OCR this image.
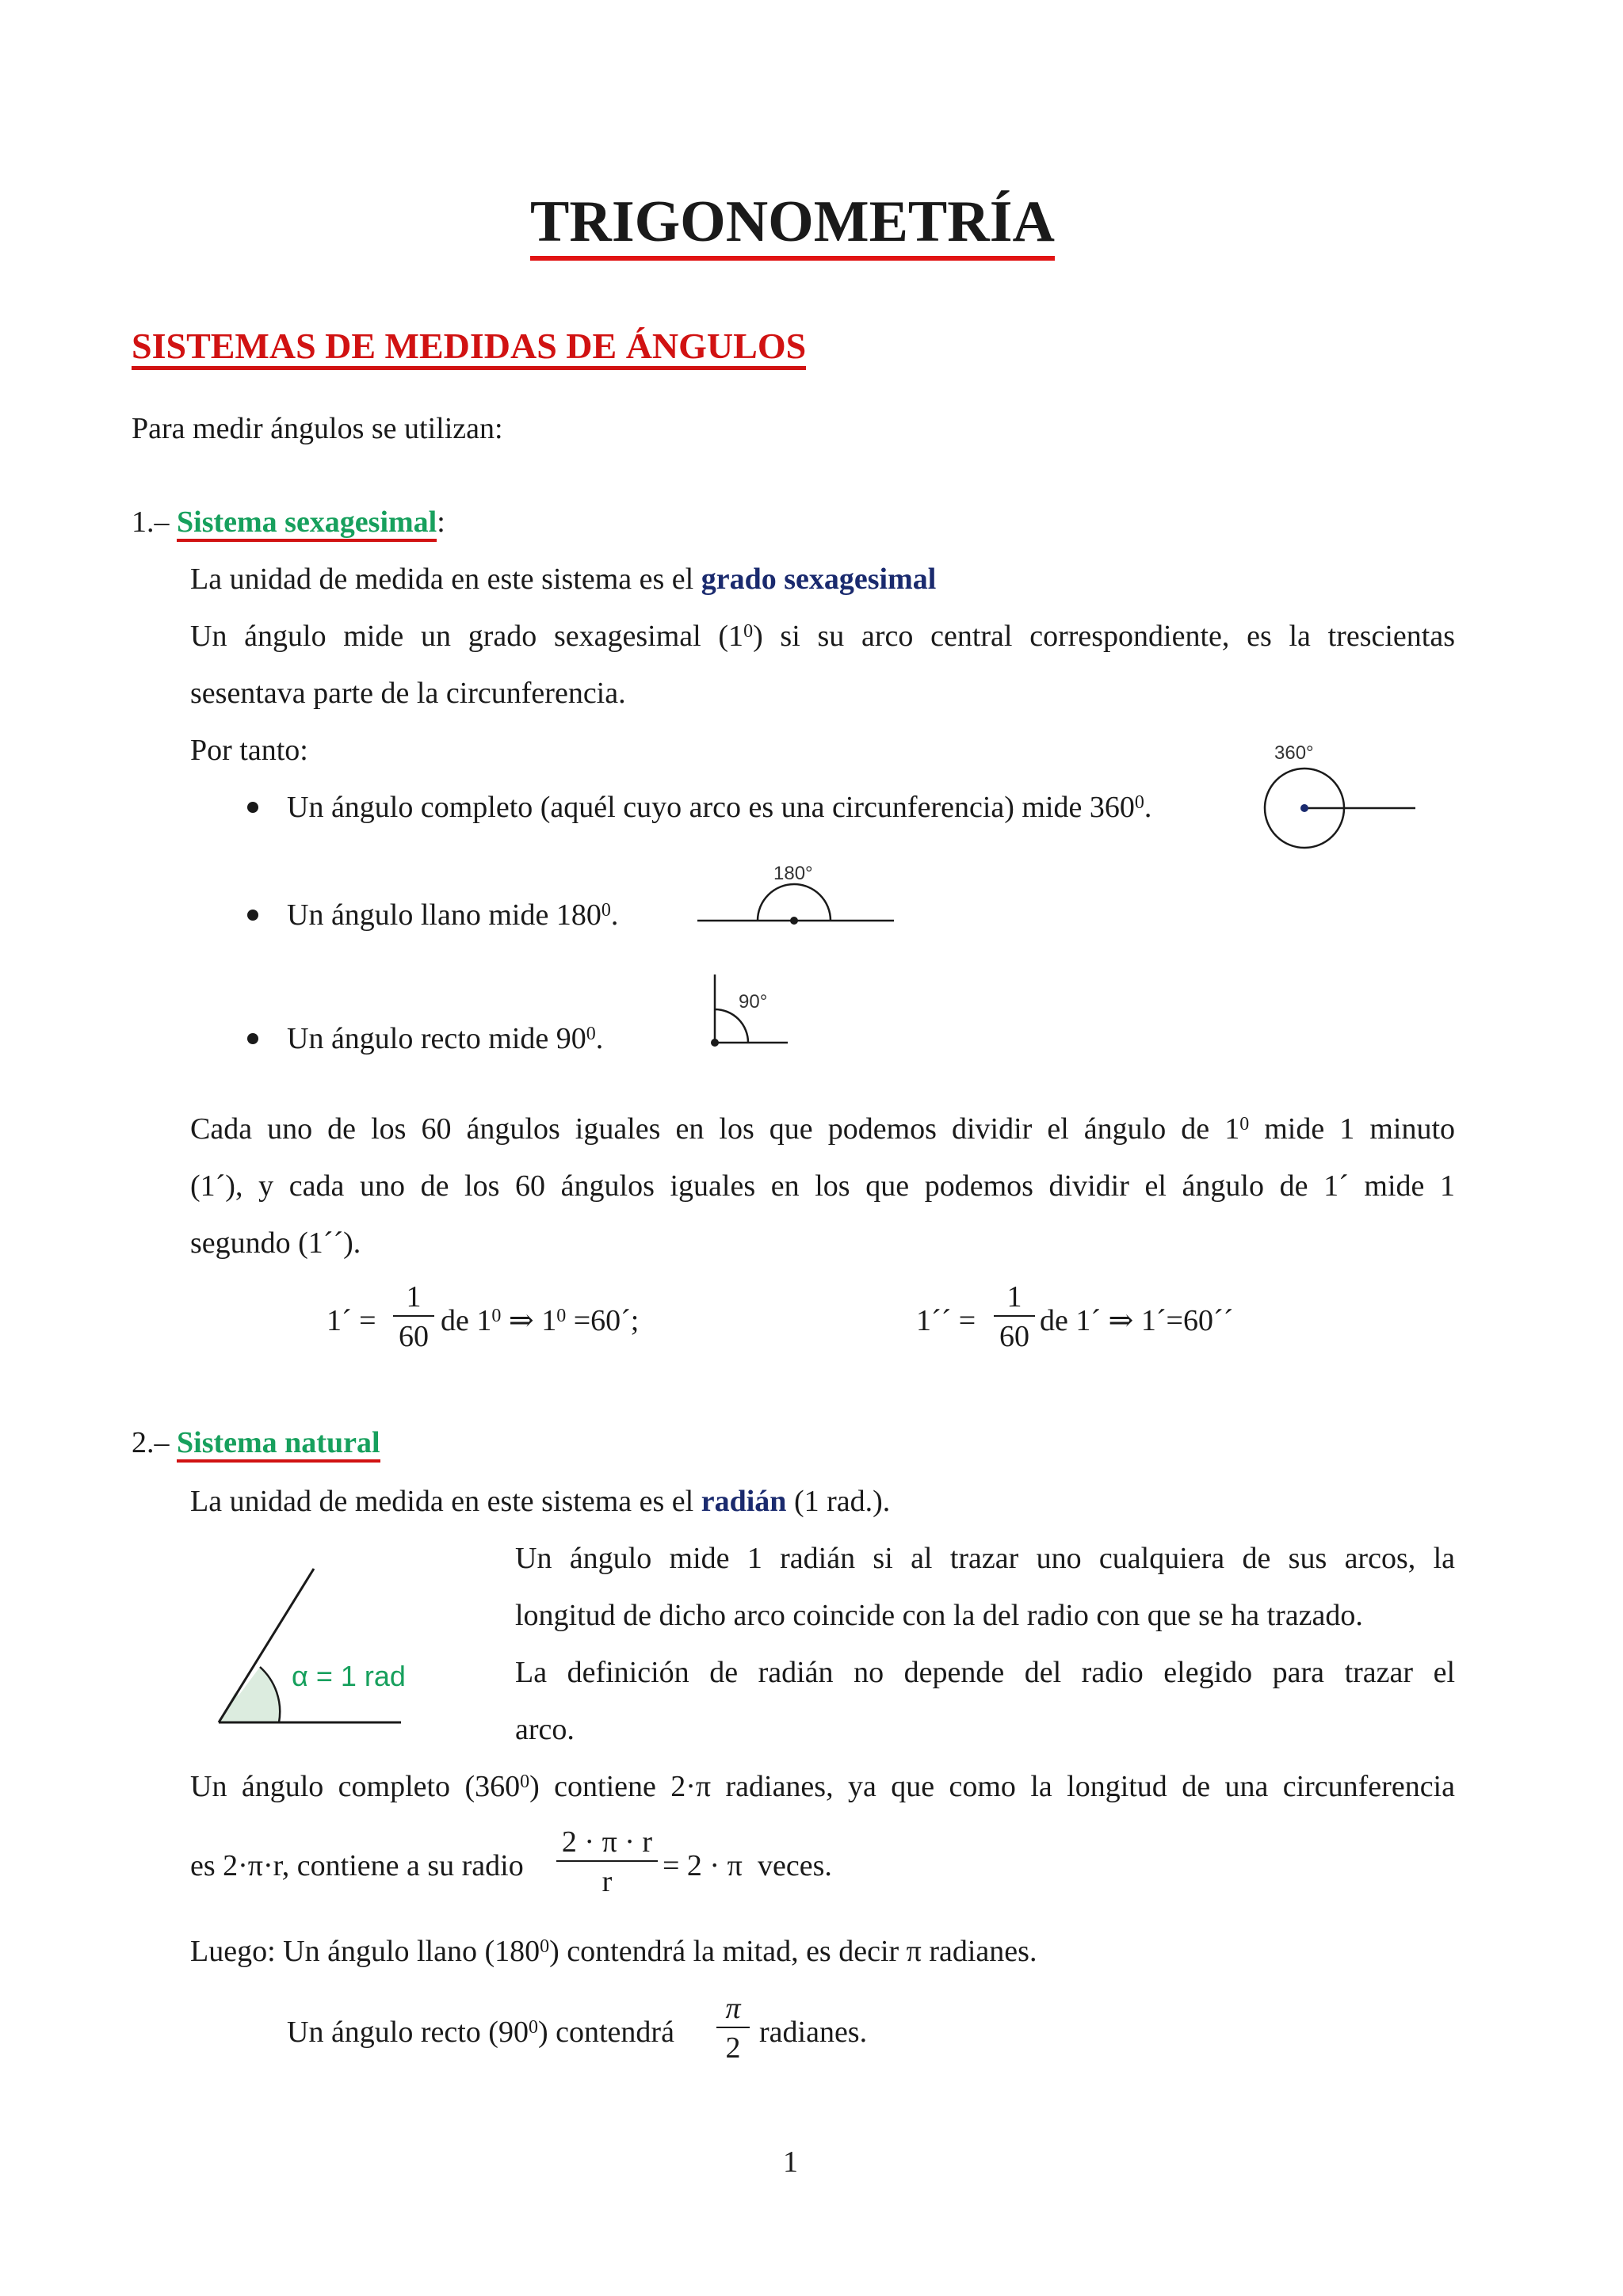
TRIGONOMETRÍA
SISTEMAS DE MEDIDAS DE ÁNGULOS
Para medir ángulos se utilizan:
1.– Sistema sexagesimal:
La unidad de medida en este sistema es el grado sexagesimal
Un ángulo mide un grado sexagesimal $(1^0)$ si su arco central correspondiente, es la trescientas
sesentava parte de la circunferencia.
Por tanto:
Un ángulo completo (aquél cuyo arco es una circunferencia) mide $360^0$.
Un ángulo llano mide $180^0$.
Un ángulo recto mide $90^0$.
360°
180°
90°
Cada uno de los 60 ángulos iguales en los que podemos dividir el ángulo de $1^0$ mide 1 minuto
(1´), y cada uno de los 60 ángulos iguales en los que podemos dividir el ángulo de 1´ mide 1
segundo (1´´).
1´ =
1
60 de $1^0$ ⇒ $1^0$ =60´;	1´´ =
1
60 de 1´ ⇒ 1´=60´´
2.– Sistema natural
La unidad de medida en este sistema es el radián (1 rad.).
α = 1 rad
Un ángulo mide 1 radián si al trazar uno cualquiera de sus arcos, la
longitud de dicho arco coincide con la del radio con que se ha trazado.
La definición de radián no depende del radio elegido para trazar el
arco.
Un ángulo completo $(360^0)$ contiene 2·π radianes, ya que como la longitud de una circunferencia
es 2·π·r, contiene a su radio
2 · π · r
r	= 2 · π veces.
Luego: Un ángulo llano $(180^0)$ contendrá la mitad, es decir π radianes.
Un ángulo recto $(90^0)$ contendrá
π
2 radianes.
1
